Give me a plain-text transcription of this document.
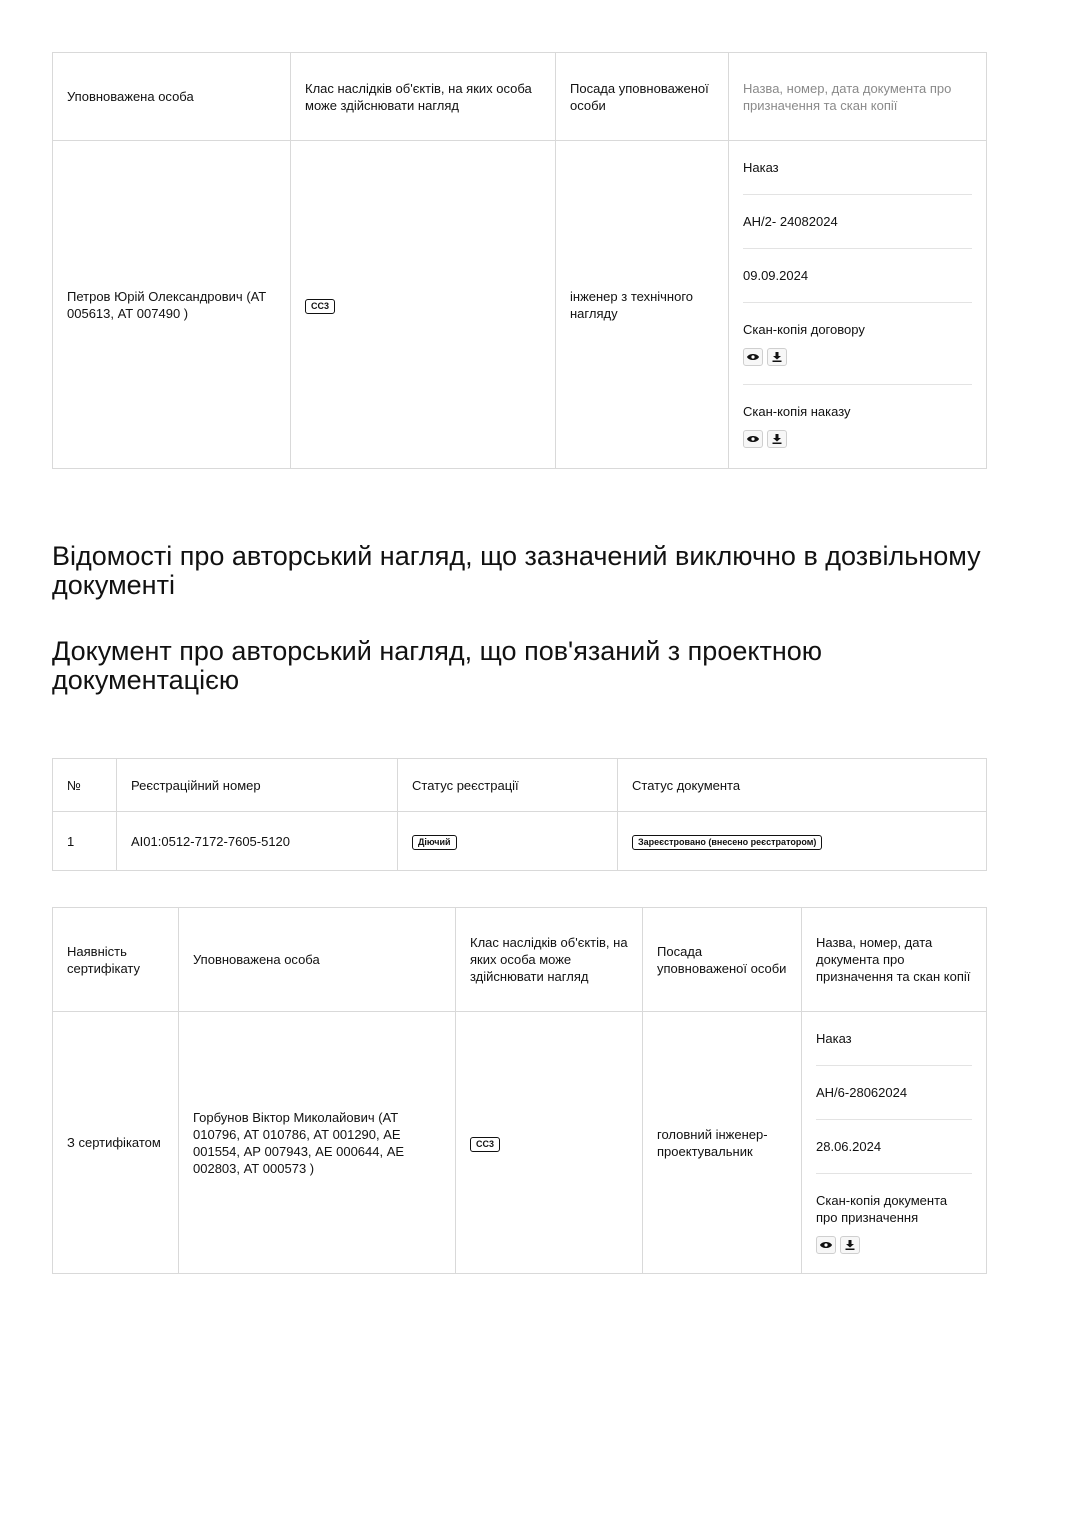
Уповноважена особа	Клас наслідків об'єктів, на яких особа може здійснювати нагляд	Посада уповноваженої особи	Назва, номер, дата документа про призначення та скан копії
Петров Юрій Олександрович (АТ 005613, АТ 007490 )	СС3	інженер з технічного нагляду	Наказ
АН/2- 24082024
09.09.2024
Скан-копія договору
Скан-копія наказу
Відомості про авторський нагляд, що зазначений виключно в дозвільному документі
Документ про авторський нагляд, що пов'язаний з проектною документацією
№	Реєстраційний номер	Статус реєстрації	Статус документа
1	АІ01:0512-7172-7605-5120	Діючий	Зареєстровано (внесено реєстратором)
Наявність сертифікату	Уповноважена особа	Клас наслідків об'єктів, на яких особа може здійснювати нагляд	Посада уповноваженої особи	Назва, номер, дата документа про призначення та скан копії
З сертифікатом	Горбунов Віктор Миколайович (АТ 010796, АТ 010786, АТ 001290, АЕ 001554, АР 007943, АЕ 000644, АЕ 002803, АТ 000573 )	СС3	головний інженер-проектувальник	Наказ
АН/6-28062024
28.06.2024
Скан-копія документа про призначення
